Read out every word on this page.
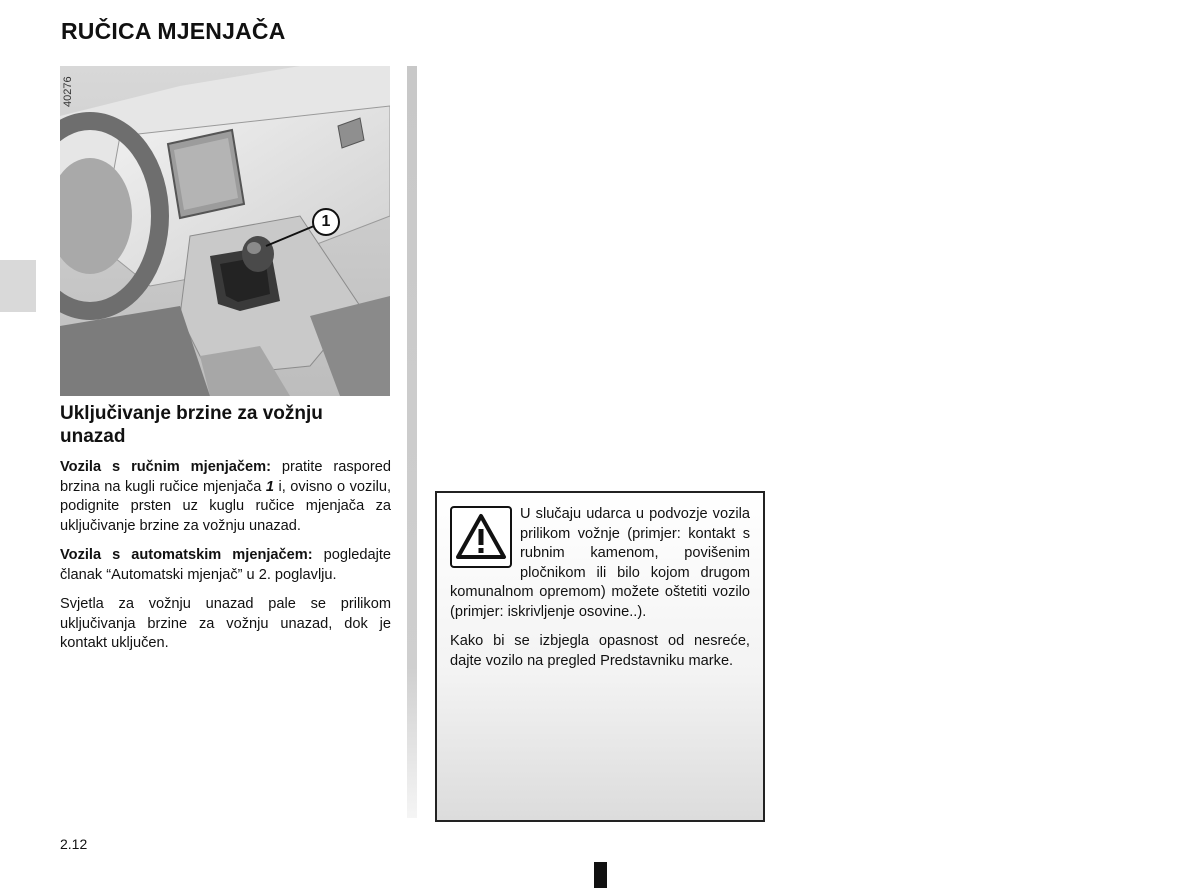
RUČICA MJENJAČA
40276
1
Uključivanje brzine za vožnju unazad

Vozila s ručnim mjenjačem: pratite raspored brzina na kugli ručice mjenjača 1 i, ovisno o vozilu, podignite prsten uz kuglu ručice mjenjača za uključivanje brzine za vožnju unazad.

Vozila s automatskim mjenjačem: pogledajte članak “Automatski mjenjač” u 2. poglavlju.

Svjetla za vožnju unazad pale se prilikom uključivanja brzine za vožnju unazad, dok je kontakt uključen.

U slučaju udarca u podvozje vozila prilikom vožnje (primjer: kontakt s rubnim kamenom, povišenim pločnikom ili bilo kojom drugom komunalnom opremom) možete oštetiti vozilo (primjer: iskrivljenje osovine..).

Kako bi se izbjegla opasnost od nesreće, dajte vozilo na pregled Predstavniku marke.

2.12
